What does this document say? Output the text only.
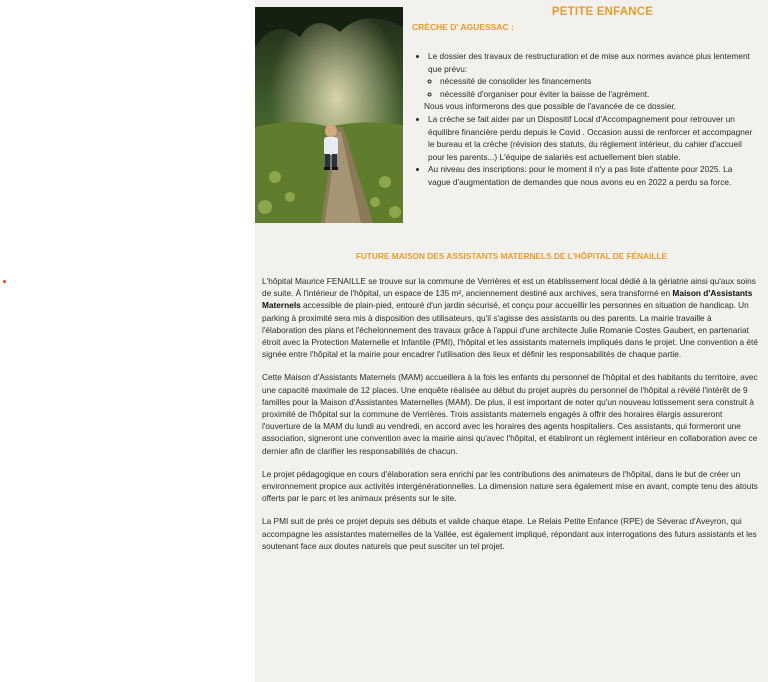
PETITE ENFANCE
CRÈCHE D' AGUESSAC :
• Le dossier des travaux de restructuration et de mise aux normes avance plus lentement que prévu:
◦ nécessité de consolider les financements
◦ nécessité d'organiser pour éviter la baisse de l'agrément.
Nous vous informerons des que possible de l'avancée de ce dossier.
• La crèche se fait aider par un Dispositif Local d'Accompagnement pour retrouver un équilibre financière perdu depuis le Covid . Occasion aussi de renforcer et accompagner le bureau et la crèche (révision des statuts, du règlement intérieur, du cahier d'accueil pour les parents...) L'équipe de salariés est actuellement bien stable.
• Au niveau des inscriptions: pour le moment il n'y a pas liste d'attente pour 2025. La vague d'augmentation de demandes que nous avons eu en 2022 a perdu sa force.
FUTURE MAISON DES ASSISTANTS MATERNELS DE L'HÔPITAL DE FÉNAILLE

L'hôpital Maurice FENAILLE se trouve sur la commune de Verrières et est un établissement local dédié à la gériatrie ainsi qu'aux soins de suite. À l'intérieur de l'hôpital, un espace de 135 m², anciennement destiné aux archives, sera transformé en Maison d'Assistants Maternels accessible de plain-pied, entouré d'un jardin sécurisé, et conçu pour accueillir les personnes en situation de handicap. Un parking à proximité sera mis à disposition des utilisateurs, qu'il s'agisse des assistants ou des parents. La mairie travaille à l'élaboration des plans et l'échelonnement des travaux grâce à l'appui d'une architecte Julie Romanie Costes Gaubert, en partenariat étroit avec la Protection Maternelle et Infantile (PMI), l'hôpital et les assistants maternels impliqués dans le projet. Une convention a été signée entre l'hôpital et la mairie pour encadrer l'utilisation des lieux et définir les responsabilités de chaque partie.

Cette Maison d'Assistants Maternels (MAM) accueillera à la fois les enfants du personnel de l'hôpital et des habitants du territoire, avec une capacité maximale de 12 places. Une enquête réalisée au début du projet auprès du personnel de l'hôpital a révélé l'intérêt de 9 familles pour la Maison d'Assistantes Maternelles (MAM). De plus, il est important de noter qu'un nouveau lotissement sera construit à proximité de l'hôpital sur la commune de Verrières. Trois assistants maternels engagés à offrir des horaires élargis assureront l'ouverture de la MAM du lundi au vendredi, en accord avec les horaires des agents hospitaliers. Ces assistants, qui formeront une association, signeront une convention avec la mairie ainsi qu'avec l'hôpital, et établiront un règlement intérieur en collaboration avec ce dernier afin de clarifier les responsabilités de chacun.

Le projet pédagogique en cours d'élaboration sera enrichi par les contributions des animateurs de l'hôpital, dans le but de créer un environnement propice aux activités intergénérationnelles. La dimension nature sera également mise en avant, compte tenu des atouts offerts par le parc et les animaux présents sur le site.

La PMI suit de près ce projet depuis ses débuts et valide chaque étape. Le Relais Petite Enfance (RPE) de Séverac d'Aveyron, qui accompagne les assistantes maternelles de la Vallée, est également impliqué, répondant aux interrogations des futurs assistants et les soutenant face aux doutes naturels que peut susciter un tel projet.
